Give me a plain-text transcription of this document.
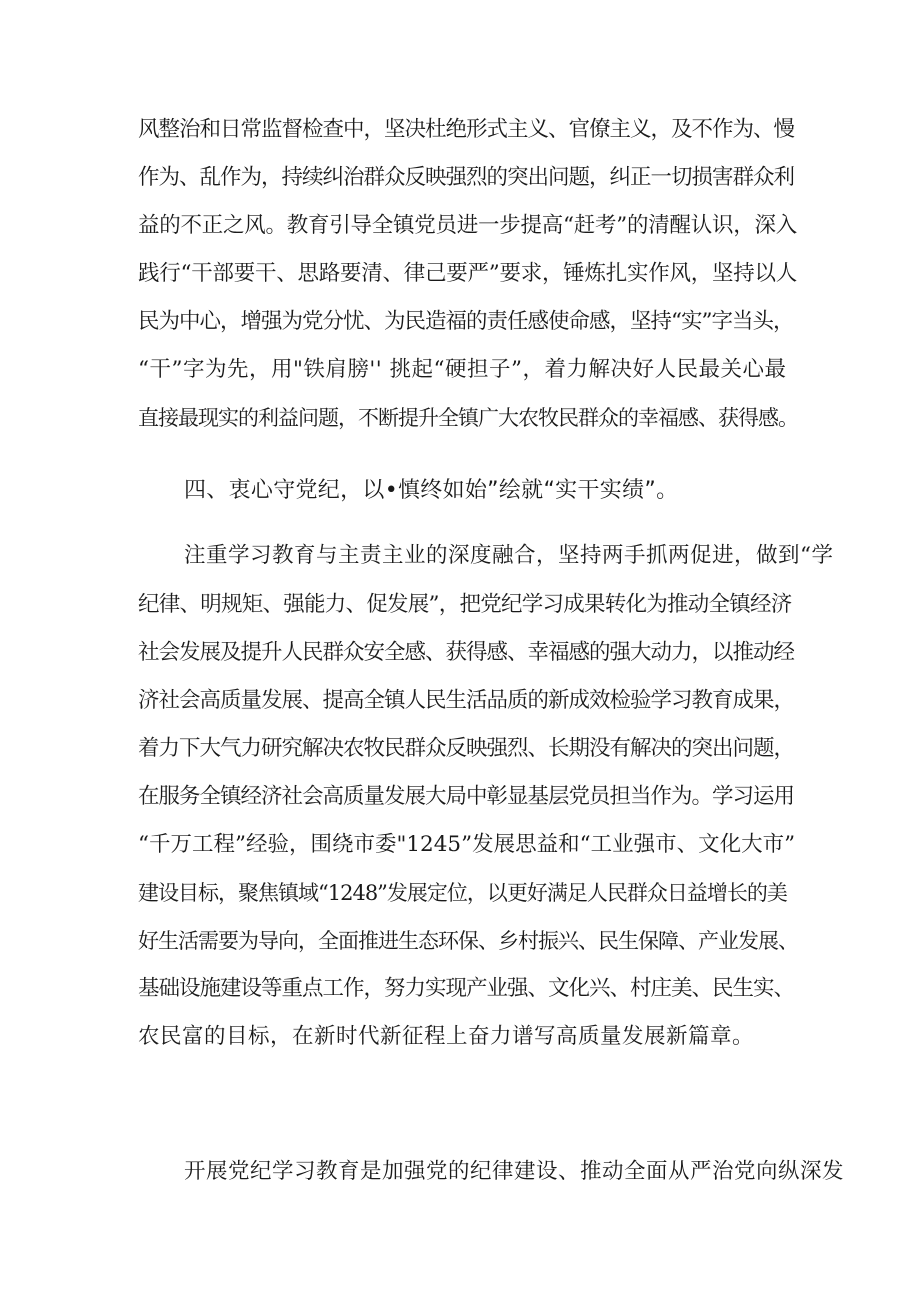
风整治和日常监督检查中，坚决杜绝形式主义、官僚主义，及不作为、慢
作为、乱作为，持续纠治群众反映强烈的突出问题，纠正一切损害群众利
益的不正之风。教育引导全镇党员进一步提高“赶考”的清醒认识，深入
践行“干部要干、思路要清、律己要严”要求，锤炼扎实作风，坚持以人
民为中心，增强为党分忧、为民造福的责任感使命感，坚持“实”字当头，
“干”字为先，用"铁肩膀'' 挑起“硬担子”，着力解决好人民最关心最
直接最现实的利益问题，不断提升全镇广大农牧民群众的幸福感、获得感。
四、衷心守党纪，以•慎终如始”绘就“实干实绩”。
注重学习教育与主责主业的深度融合，坚持两手抓两促进，做到“学
纪律、明规矩、强能力、促发展”，把党纪学习成果转化为推动全镇经济
社会发展及提升人民群众安全感、获得感、幸福感的强大动力，以推动经
济社会高质量发展、提高全镇人民生活品质的新成效检验学习教育成果，
着力下大气力研究解决农牧民群众反映强烈、长期没有解决的突出问题，
在服务全镇经济社会高质量发展大局中彰显基层党员担当作为。学习运用
“千万工程”经验，围绕市委"1245”发展思益和“工业强市、文化大市”
建设目标，聚焦镇域“1248”发展定位，以更好满足人民群众日益增长的美
好生活需要为导向，全面推进生态环保、乡村振兴、民生保障、产业发展、
基础设施建设等重点工作，努力实现产业强、文化兴、村庄美、民生实、
农民富的目标，在新时代新征程上奋力谱写高质量发展新篇章。
开展党纪学习教育是加强党的纪律建设、推动全面从严治党向纵深发
